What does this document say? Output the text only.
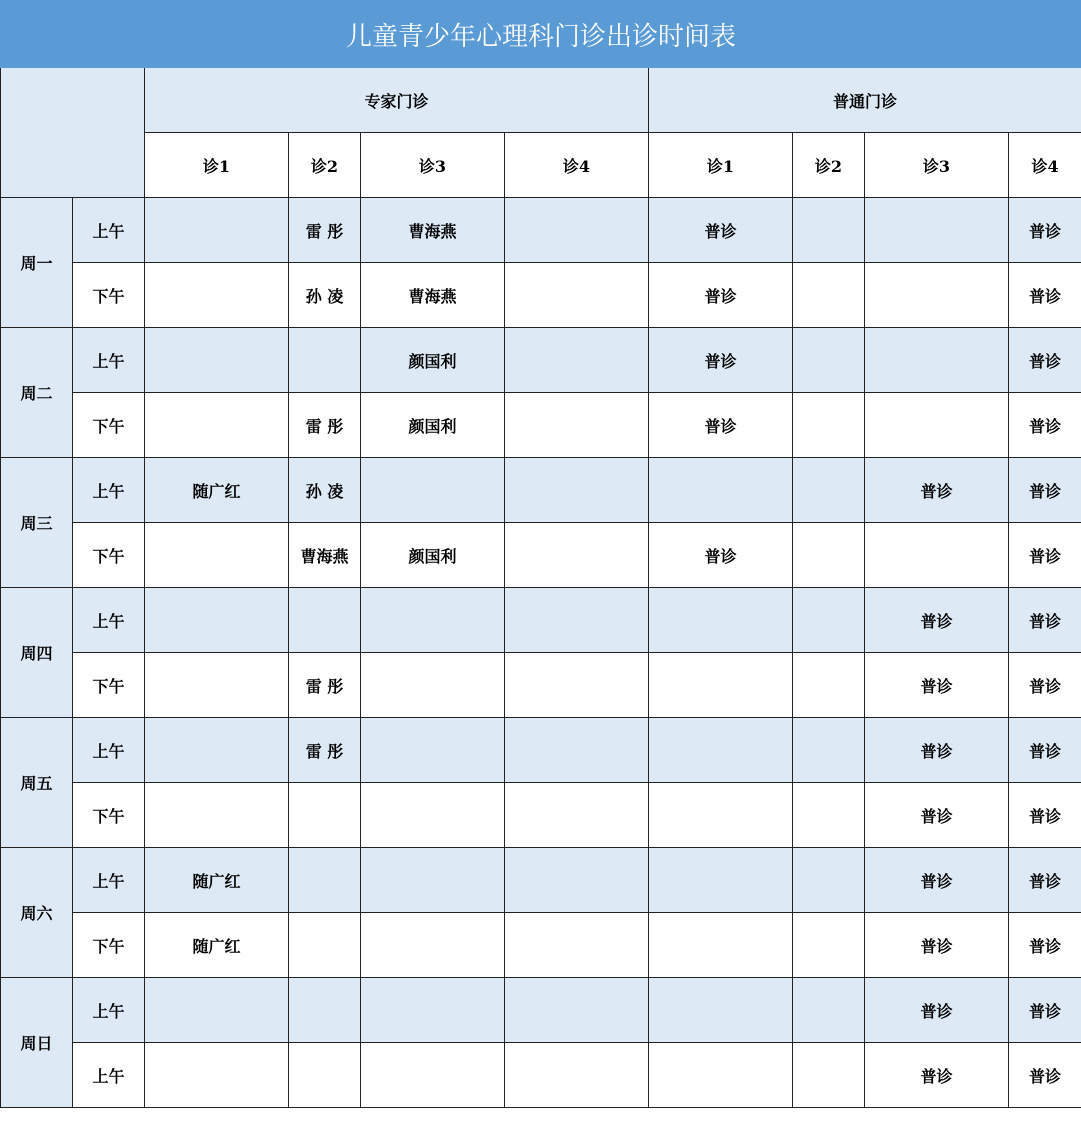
儿童青少年心理科门诊出诊时间表									
		专家门诊				普通门诊			
		诊1	诊2	诊3	诊4	诊1	诊2	诊3	诊4
周一	上午		雷 彤	曹海燕		普诊			普诊
	下午		孙 凌	曹海燕		普诊			普诊
周二	上午			颜国利		普诊			普诊
	下午		雷 彤	颜国利		普诊			普诊
周三	上午	随广红	孙 凌					普诊	普诊
	下午		曹海燕	颜国利		普诊			普诊
周四	上午							普诊	普诊
	下午		雷 彤					普诊	普诊
周五	上午		雷 彤					普诊	普诊
	下午							普诊	普诊
周六	上午	随广红						普诊	普诊
	下午	随广红						普诊	普诊
周日	上午							普诊	普诊
	上午							普诊	普诊
